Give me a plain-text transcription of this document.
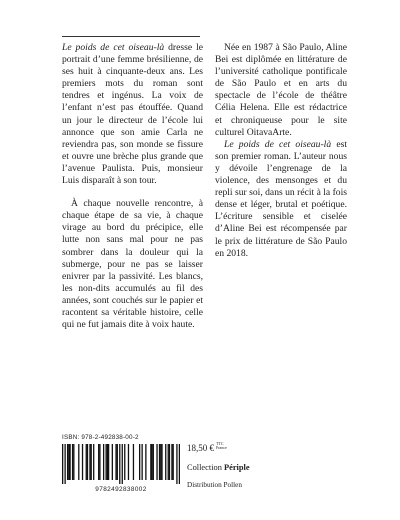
Le poids de cet oiseau-là dresse le portrait d’une femme brésilienne, de ses huit à cinquante-deux ans. Les premiers mots du roman sont tendres et ingénus. La voix de l’enfant n’est pas étouffée. Quand un jour le directeur de l’école lui annonce que son amie Carla ne reviendra pas, son monde se fissure et ouvre une brèche plus grande que l’avenue Paulista. Puis, monsieur Luis disparaît à son tour.

À chaque nouvelle rencontre, à chaque étape de sa vie, à chaque virage au bord du précipice, elle lutte non sans mal pour ne pas sombrer dans la douleur qui la submerge, pour ne pas se laisser enivrer par la passivité. Les blancs, les non-dits accumulés au fil des années, sont couchés sur le papier et racontent sa véritable histoire, celle qui ne fut jamais dite à voix haute.

Née en 1987 à São Paulo, Aline Bei est diplômée en littérature de l’université catholique pontificale de São Paulo et en arts du spectacle de l’école de théâtre Célia Helena. Elle est rédactrice et chroniqueuse pour le site culturel OitavaArte.

Le poids de cet oiseau-là est son premier roman. L’auteur nous y dévoile l’engrenage de la violence, des mensonges et du repli sur soi, dans un récit à la fois dense et léger, brutal et poétique. L’écriture sensible et ciselée d’Aline Bei est récompensée par le prix de littérature de São Paulo en 2018.

ISBN: 978-2-492838-00-2
9782492838002
18,50 € TTC
France
Collection Périple
Distribution Pollen
